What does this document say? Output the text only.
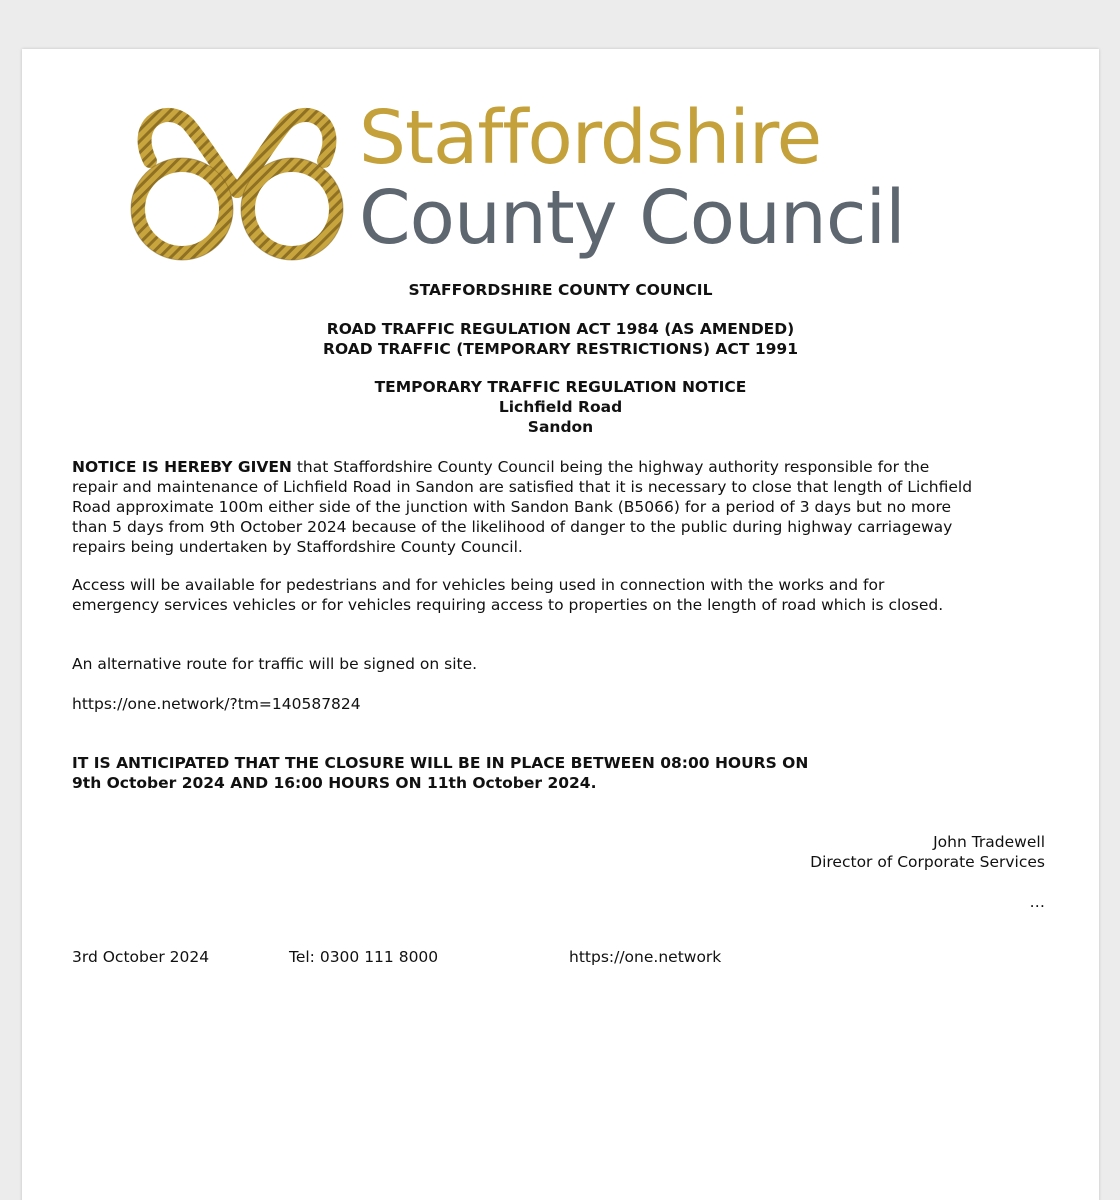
Staffordshire
County Council
STAFFORDSHIRE COUNTY COUNCIL
ROAD TRAFFIC REGULATION ACT 1984 (AS AMENDED)
ROAD TRAFFIC (TEMPORARY RESTRICTIONS) ACT 1991
TEMPORARY TRAFFIC REGULATION NOTICE
Lichfield Road
Sandon
NOTICE IS HEREBY GIVEN that Staffordshire County Council being the highway authority responsible for the
repair and maintenance of Lichfield Road in Sandon are satisfied that it is necessary to close that length of Lichfield
Road approximate 100m either side of the junction with Sandon Bank (B5066) for a period of 3 days but no more
than 5 days from 9th October 2024 because of the likelihood of danger to the public during highway carriageway
repairs being undertaken by Staffordshire County Council.
Access will be available for pedestrians and for vehicles being used in connection with the works and for
emergency services vehicles or for vehicles requiring access to properties on the length of road which is closed.
An alternative route for traffic will be signed on site.
https://one.network/?tm=140587824
IT IS ANTICIPATED THAT THE CLOSURE WILL BE IN PLACE BETWEEN 08:00 HOURS ON
9th October 2024 AND 16:00 HOURS ON 11th October 2024.
John Tradewell
Director of Corporate Services
…
3rd October 2024	Tel: 0300 111 8000	https://one.network
